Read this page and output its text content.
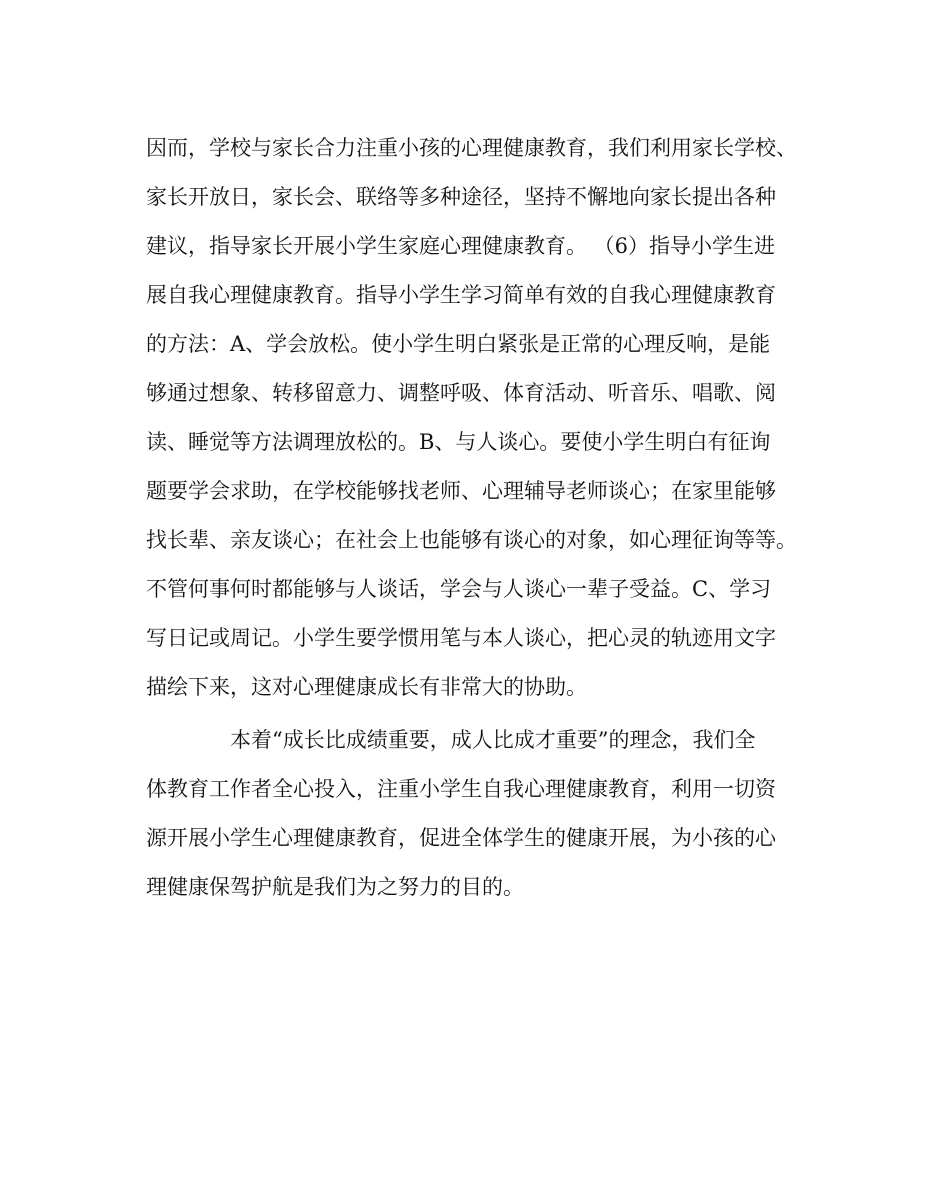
因而，学校与家长合力注重小孩的心理健康教育，我们利用家长学校、
家长开放日，家长会、联络等多种途径，坚持不懈地向家长提出各种
建议，指导家长开展小学生家庭心理健康教育。 （6）指导小学生进
展自我心理健康教育。指导小学生学习简单有效的自我心理健康教育
的方法：A、学会放松。使小学生明白紧张是正常的心理反响，是能
够通过想象、转移留意力、调整呼吸、体育活动、听音乐、唱歌、阅
读、睡觉等方法调理放松的。B、与人谈心。要使小学生明白有征询
题要学会求助，在学校能够找老师、心理辅导老师谈心；在家里能够
找长辈、亲友谈心；在社会上也能够有谈心的对象，如心理征询等等。
不管何事何时都能够与人谈话，学会与人谈心一辈子受益。C、学习
写日记或周记。小学生要学惯用笔与本人谈心，把心灵的轨迹用文字
描绘下来，这对心理健康成长有非常大的协助。
　　　　本着“成长比成绩重要，成人比成才重要”的理念，我们全
体教育工作者全心投入，注重小学生自我心理健康教育，利用一切资
源开展小学生心理健康教育，促进全体学生的健康开展，为小孩的心
理健康保驾护航是我们为之努力的目的。
